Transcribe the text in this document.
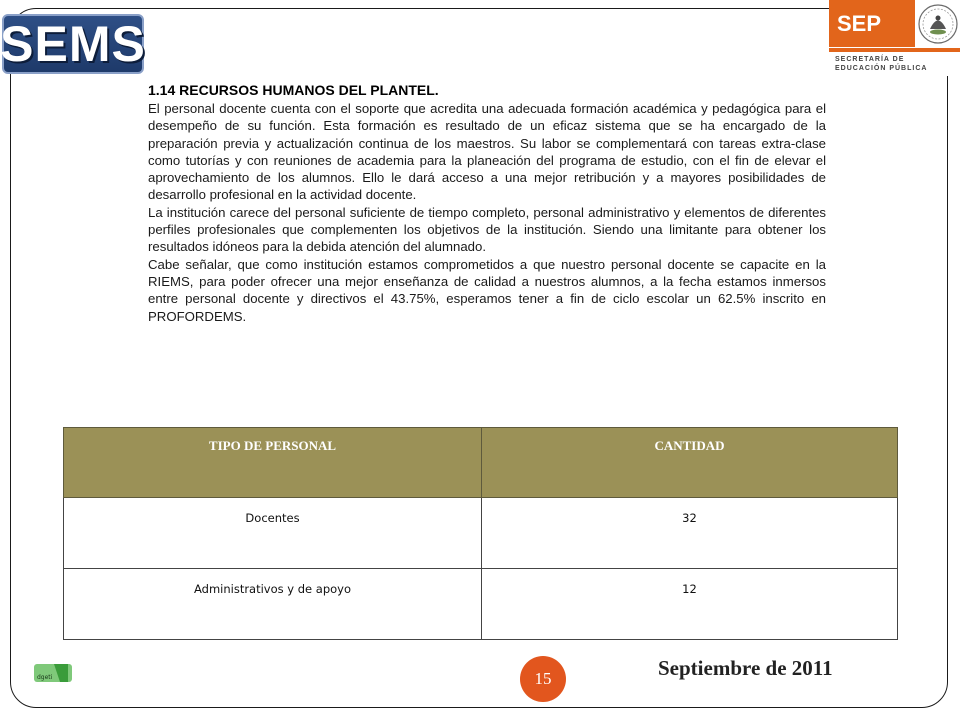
SEMS	SEP
SECRETARÍA DE
EDUCACIÓN PÚBLICA

1.14 RECURSOS HUMANOS DEL PLANTEL.

El personal docente cuenta con el soporte que acredita una adecuada formación académica y pedagógica para el desempeño de su función. Esta formación es resultado de un eficaz sistema que se ha encargado de la preparación previa y actualización continua de los maestros. Su labor se complementará con tareas extra-clase como tutorías y con reuniones de academia para la planeación del programa de estudio, con el fin de elevar el aprovechamiento de los alumnos. Ello le dará acceso a una mejor retribución y a mayores posibilidades de desarrollo profesional en la actividad docente.

La institución carece del personal suficiente de tiempo completo, personal administrativo y elementos de diferentes perfiles profesionales que complementen los objetivos de la institución. Siendo una limitante para obtener los resultados idóneos para la debida atención del alumnado.

Cabe señalar, que como institución estamos comprometidos a que nuestro personal docente se capacite en la RIEMS, para poder ofrecer una mejor enseñanza de calidad a nuestros alumnos, a la fecha estamos inmersos entre personal docente y directivos el 43.75%, esperamos tener a fin de ciclo escolar un 62.5% inscrito en PROFORDEMS.

TIPO DE PERSONAL	CANTIDAD
Docentes	32
Administrativos y de apoyo	12
dgeti	15	Septiembre de 2011
